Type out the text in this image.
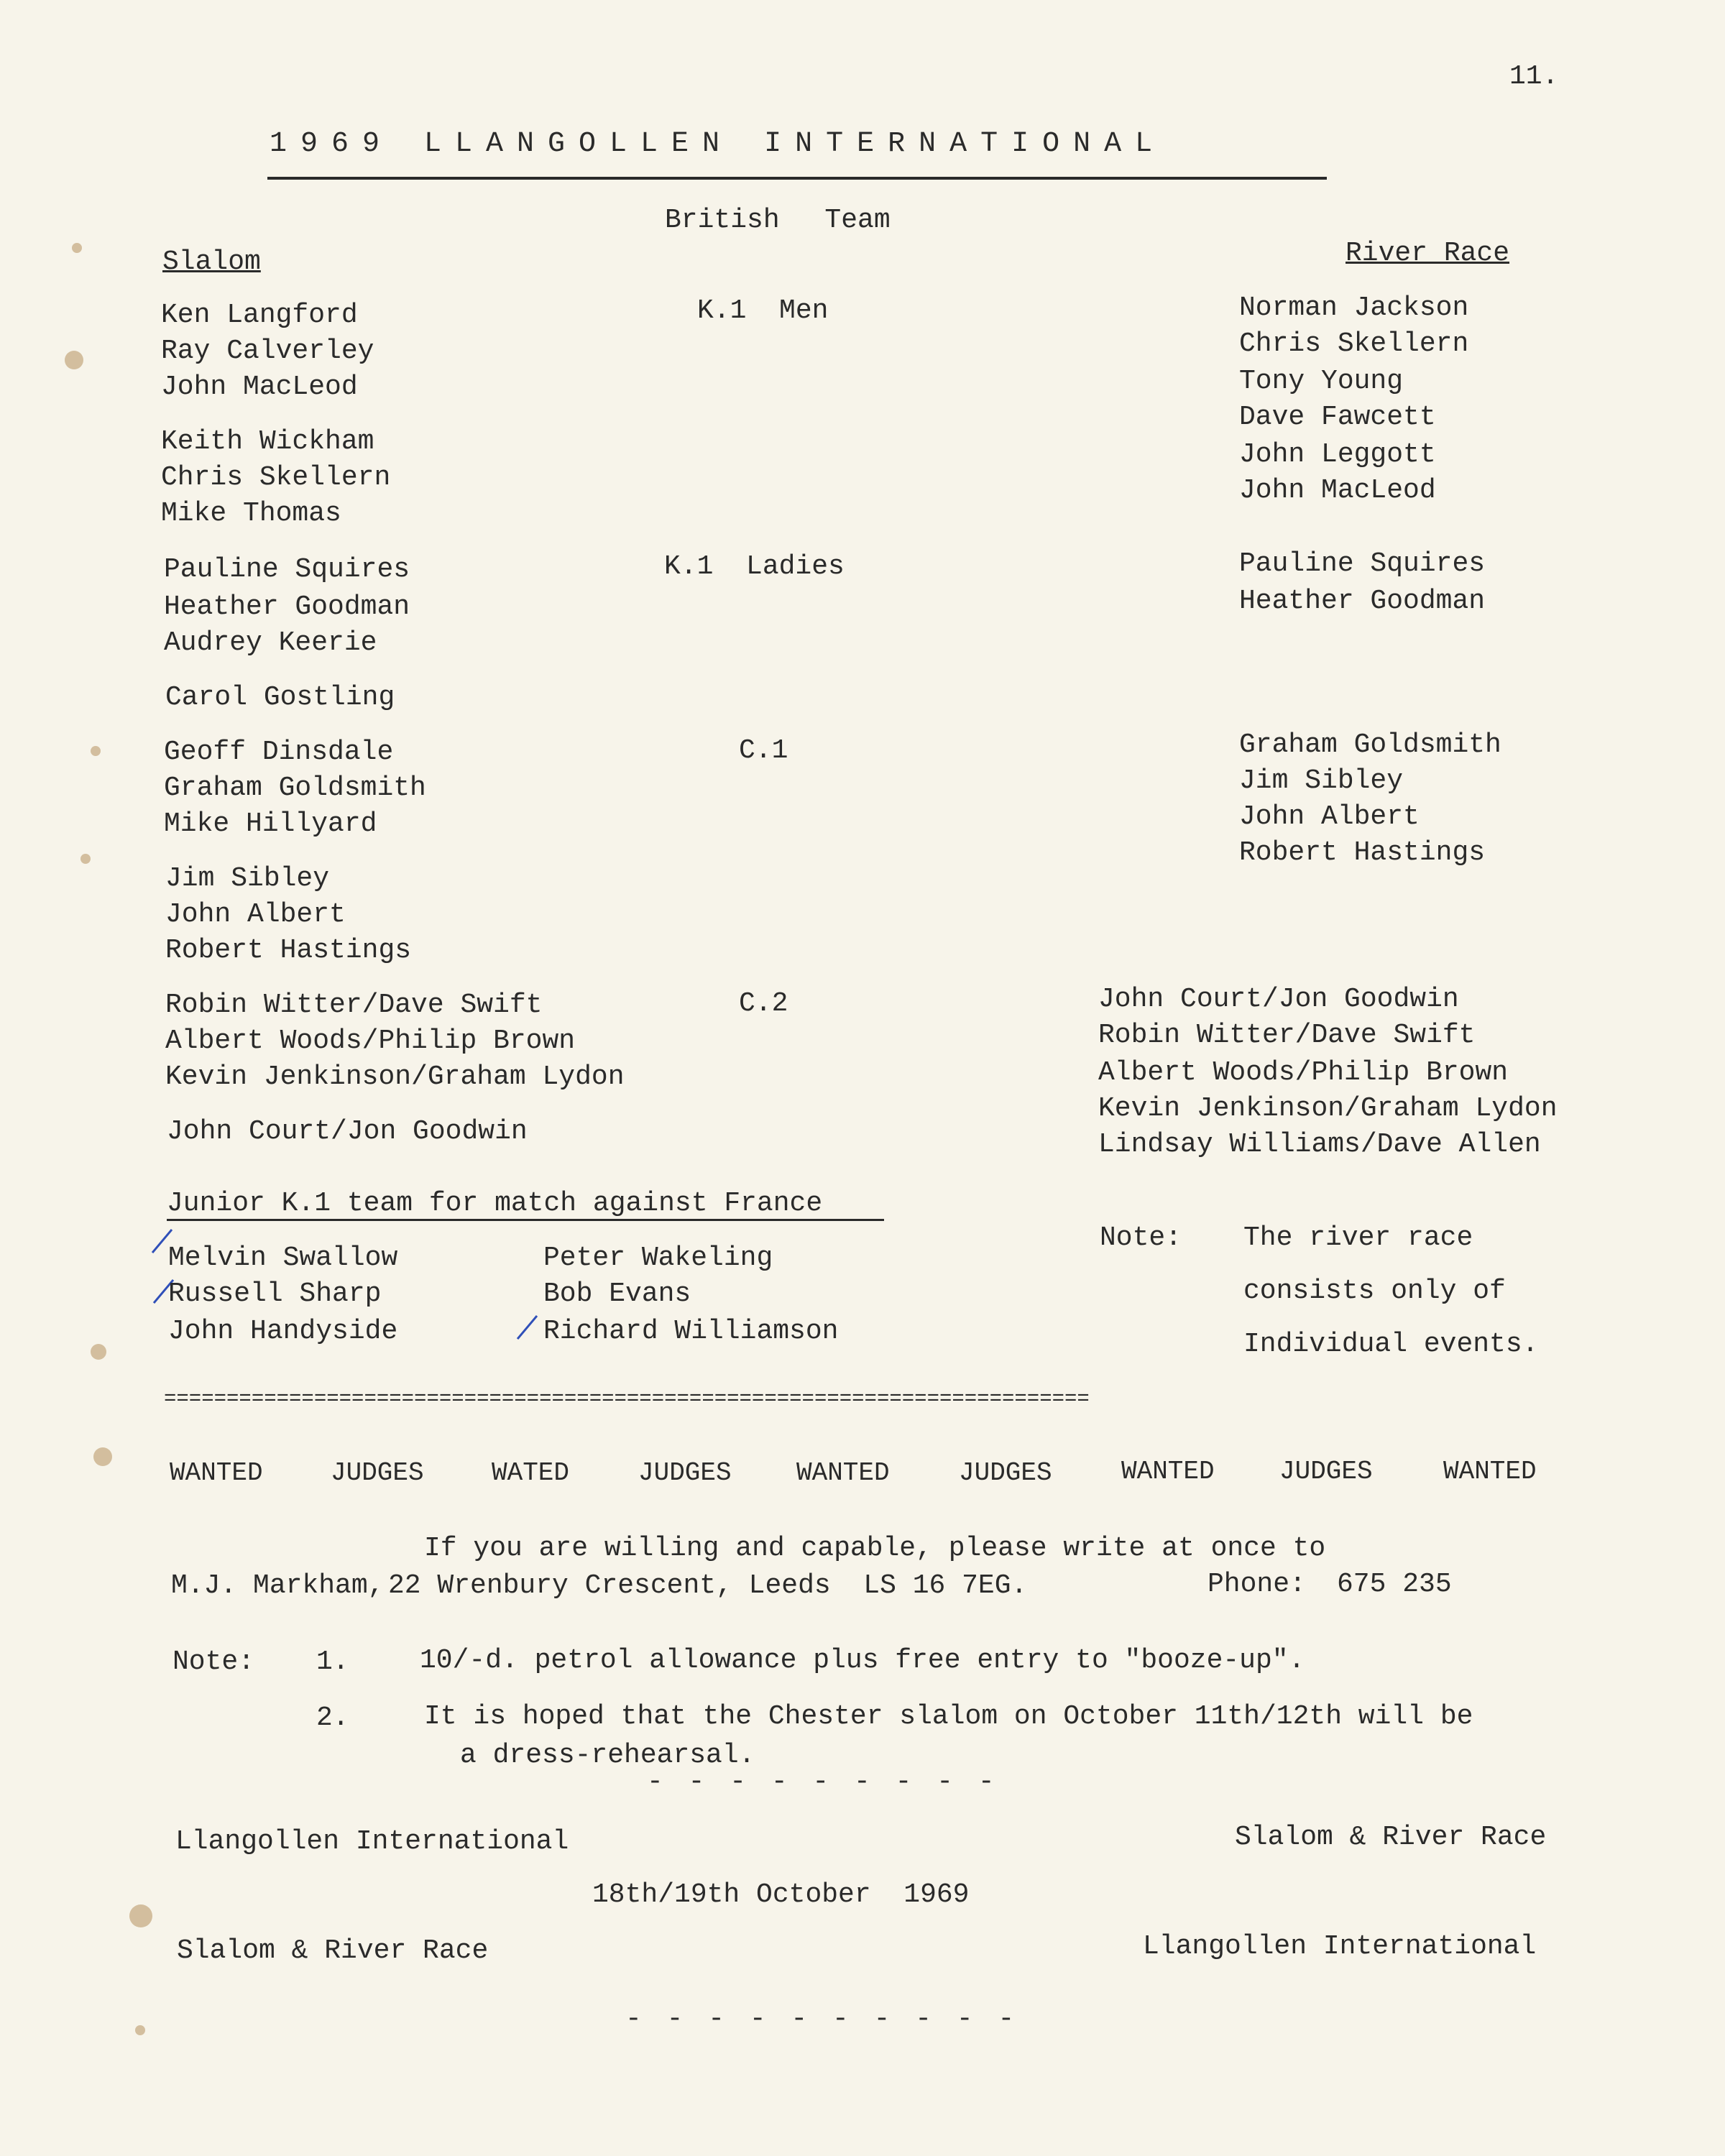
11.
1969 LLANGOLLEN INTERNATIONAL
British Team
Slalom	River Race
K.1  Men
Ken Langford
Ray Calverley
John MacLeod
Keith Wickham
Chris Skellern
Mike Thomas
Norman Jackson
Chris Skellern
Tony Young
Dave Fawcett
John Leggott
John MacLeod
K.1  Ladies
Pauline Squires
Heather Goodman
Audrey Keerie
Carol Gostling
Pauline Squires
Heather Goodman
C.1
Geoff Dinsdale
Graham Goldsmith
Mike Hillyard
Jim Sibley
John Albert
Robert Hastings
Graham Goldsmith
Jim Sibley
John Albert
Robert Hastings
C.2
Robin Witter/Dave Swift
Albert Woods/Philip Brown
Kevin Jenkinson/Graham Lydon
John Court/Jon Goodwin
John Court/Jon Goodwin
Robin Witter/Dave Swift
Albert Woods/Philip Brown
Kevin Jenkinson/Graham Lydon
Lindsay Williams/Dave Allen
Junior K.1 team for match against France
Melvin Swallow
Russell Sharp
John Handyside
Peter Wakeling
Bob Evans
Richard Williamson
Note: The river race
consists only of
Individual events.
==========================================================================
WANTED	JUDGES	WATED	JUDGES	WANTED	JUDGES	WANTED	JUDGES	WANTED
If you are willing and capable, please write at once to
M.J. Markham, 22 Wrenbury Crescent, Leeds  LS 16 7EG.	Phone: 675 235
Note: 1.	10/-d. petrol allowance plus free entry to "booze-up".
2.	It is hoped that the Chester slalom on October 11th/12th will be
a dress-rehearsal.
- - - - - - - - -
Llangollen International	Slalom & River Race
18th/19th October  1969
Slalom & River Race	Llangollen International
- - - - - - - - - -
